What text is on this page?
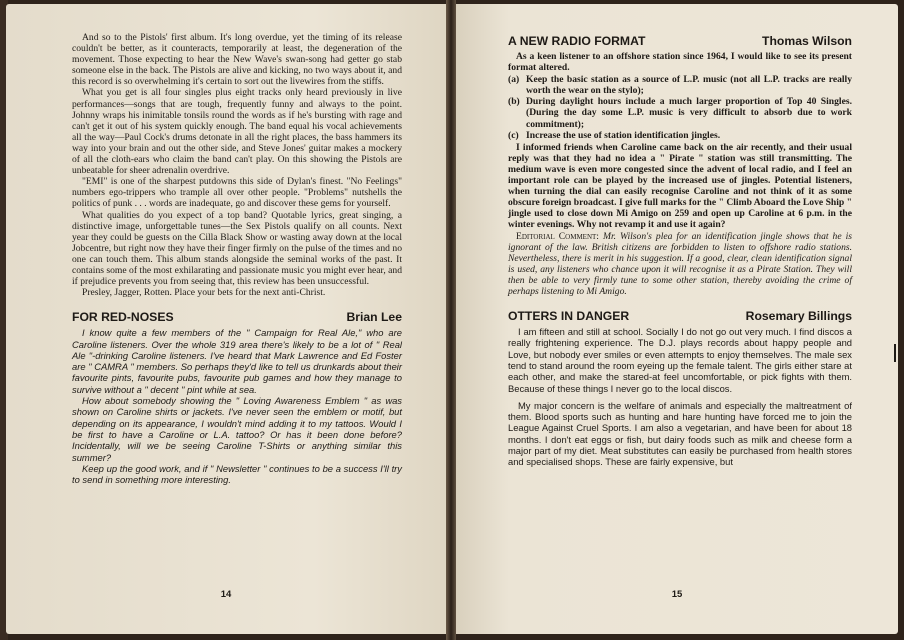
And so to the Pistols' first album. It's long overdue, yet the timing of its release couldn't be better, as it counteracts, temporarily at least, the degeneration of the movement. Those expecting to hear the New Wave's swan-song had getter go stab someone else in the back. The Pistols are alive and kicking, no two ways about it, and this record is so overwhelming it's certain to sort out the livewires from the stiffs.

What you get is all four singles plus eight tracks only heard previously in live performances—songs that are tough, frequently funny and always to the point. Johnny wraps his inimitable tonsils round the words as if he's bursting with rage and can't get it out of his system quickly enough. The band equal his vocal achievements all the way—Paul Cock's drums detonate in all the right places, the bass hammers its way into your brain and out the other side, and Steve Jones' guitar makes a mockery of all the cloth-ears who claim the band can't play. On this showing the Pistols are unbeatable for sheer adrenalin overdrive.

"EMI" is one of the sharpest putdowns this side of Dylan's finest. "No Feelings" numbers ego-trippers who trample all over other people. "Problems" nutshells the politics of punk . . . words are inadequate, go and discover these gems for yourself.

What qualities do you expect of a top band? Quotable lyrics, great singing, a distinctive image, unforgettable tunes—the Sex Pistols qualify on all counts. Next year they could be guests on the Cilla Black Show or wasting away down at the local Jobcentre, but right now they have their finger firmly on the pulse of the times and no one can touch them. This album stands alongside the seminal works of the past. It contains some of the most exhilarating and passionate music you might ever hear, and if prejudice prevents you from seeing that, this review has been unsuccessful.

Presley, Jagger, Rotten. Place your bets for the next anti-Christ.

FOR RED-NOSES	Brian Lee

I know quite a few members of the " Campaign for Real Ale," who are Caroline listeners. Over the whole 319 area there's likely to be a lot of " Real Ale "-drinking Caroline listeners. I've heard that Mark Lawrence and Ed Foster are " CAMRA " members. So perhaps they'd like to tell us drunkards about their favourite pints, favourite pubs, favourite pub games and how they manage to survive without a " decent " pint while at sea.

How about somebody showing the " Loving Awareness Emblem " as was shown on Caroline shirts or jackets. I've never seen the emblem or motif, but depending on its appearance, I wouldn't mind adding it to my tattoos. Would I be first to have a Caroline or L.A. tattoo? Or has it been done before? Incidentally, will we be seeing Caroline T-Shirts or anything similar this summer?

Keep up the good work, and if " Newsletter " continues to be a success I'll try to send in something more interesting.

14
A NEW RADIO FORMAT	Thomas Wilson

As a keen listener to an offshore station since 1964, I would like to see its present format altered.

(a) Keep the basic station as a source of L.P. music (not all L.P. tracks are really worth the wear on the stylo);
(b) During daylight hours include a much larger proportion of Top 40 Singles. (During the day some L.P. music is very difficult to absorb due to work commitment);
(c) Increase the use of station identification jingles.

I informed friends when Caroline came back on the air recently, and their usual reply was that they had no idea a " Pirate " station was still transmitting. The medium wave is even more congested since the advent of local radio, and I feel an important role can be played by the increased use of jingles. Potential listeners, when turning the dial can easily recognise Caroline and not think of it as some obscure foreign broadcast. I give full marks for the " Climb Aboard the Love Ship " jingle used to close down Mi Amigo on 259 and open up Caroline at 6 p.m. in the winter evenings. Why not revamp it and use it again?

Editorial Comment: Mr. Wilson's plea for an identification jingle shows that he is ignorant of the law. British citizens are forbidden to listen to offshore radio stations. Nevertheless, there is merit in his suggestion. If a good, clear, clean identification signal is used, any listeners who chance upon it will recognise it as a Pirate Station. They will then be able to very firmly tune to some other station, thereby avoiding the crime of perhaps listening to Mi Amigo.

OTTERS IN DANGER	Rosemary Billings

I am fifteen and still at school. Socially I do not go out very much. I find discos a really frightening experience. The D.J. plays records about happy people and Love, but nobody ever smiles or even attempts to enjoy themselves. The male sex tend to stand around the room eyeing up the female talent. The girls either stare at each other, and make the stared-at feel uncomfortable, or pick fights with them. Because of these things I never go to the local discos.

My major concern is the welfare of animals and especially the maltreatment of them. Blood sports such as hunting and hare hunting have forced me to join the League Against Cruel Sports. I am also a vegetarian, and have been for about 18 months. I don't eat eggs or fish, but dairy foods such as milk and cheese form a major part of my diet. Meat substitutes can easily be purchased from health stores and specialised shops. These are fairly expensive, but

15
